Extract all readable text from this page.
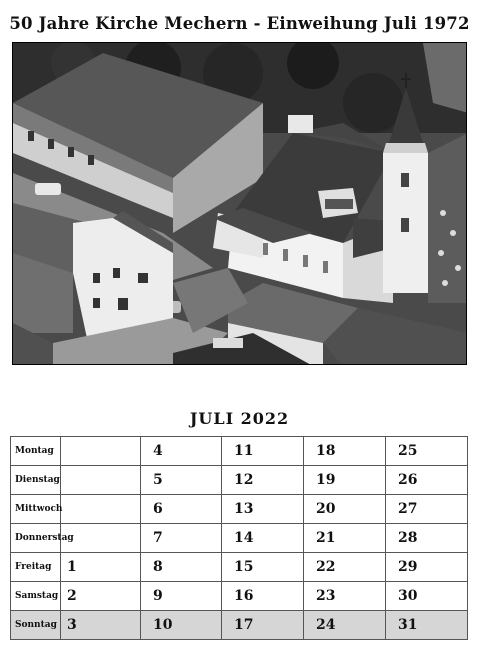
50 Jahre Kirche Mechern - Einweihung Juli 1972
JULI 2022
Montag		4	11	18	25
Dienstag		5	12	19	26
Mittwoch		6	13	20	27
Donnerstag		7	14	21	28
Freitag	1	8	15	22	29
Samstag	2	9	16	23	30
Sonntag	3	10	17	24	31
